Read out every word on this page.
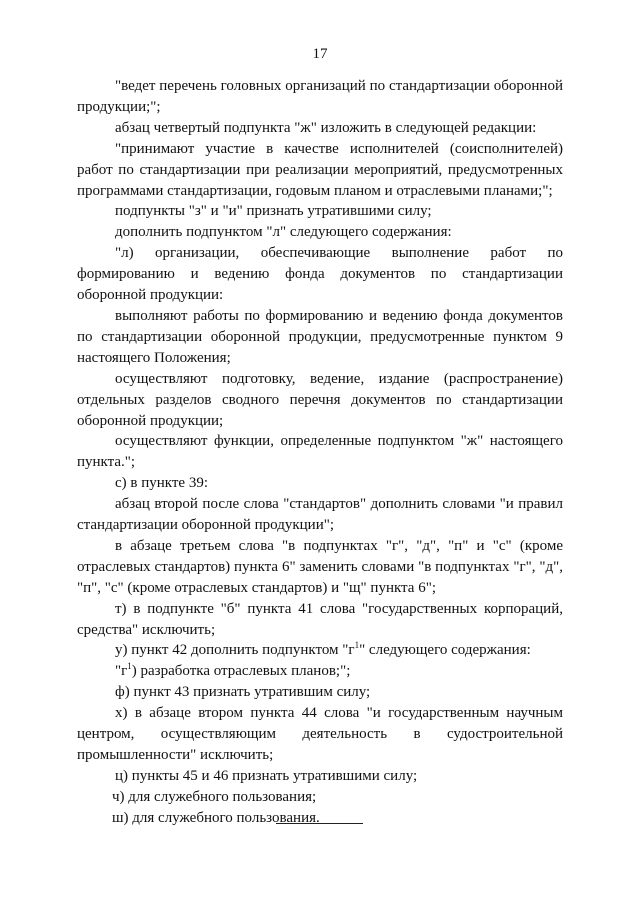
17

"ведет перечень головных организаций по стандартизации оборонной продукции;";

абзац четвертый подпункта "ж" изложить в следующей редакции:

"принимают участие в качестве исполнителей (соисполнителей) работ по стандартизации при реализации мероприятий, предусмотренных программами стандартизации, годовым планом и отраслевыми планами;";

подпункты "з" и "и" признать утратившими силу;

дополнить подпунктом "л" следующего содержания:

"л) организации, обеспечивающие выполнение работ по формированию и ведению фонда документов по стандартизации оборонной продукции:

выполняют работы по формированию и ведению фонда документов по стандартизации оборонной продукции, предусмотренные пунктом 9 настоящего Положения;

осуществляют подготовку, ведение, издание (распространение) отдельных разделов сводного перечня документов по стандартизации оборонной продукции;

осуществляют функции, определенные подпунктом "ж" настоящего пункта.";

с) в пункте 39:

абзац второй после слова "стандартов" дополнить словами "и правил стандартизации оборонной продукции";

в абзаце третьем слова "в подпунктах "г", "д", "п" и "с" (кроме отраслевых стандартов) пункта 6" заменить словами "в подпунктах "г", "д", "п", "с" (кроме отраслевых стандартов) и "щ" пункта 6";

т) в подпункте "б" пункта 41 слова "государственных корпораций, средства" исключить;

у) пункт 42 дополнить подпунктом "$г^1$" следующего содержания:

"$г^1$) разработка отраслевых планов;";

ф) пункт 43 признать утратившим силу;

х) в абзаце втором пункта 44 слова "и государственным научным центром, осуществляющим деятельность в судостроительной промышленности" исключить;

ц) пункты 45 и 46 признать утратившими силу;

ч) для служебного пользования;

ш) для служебного пользования.
